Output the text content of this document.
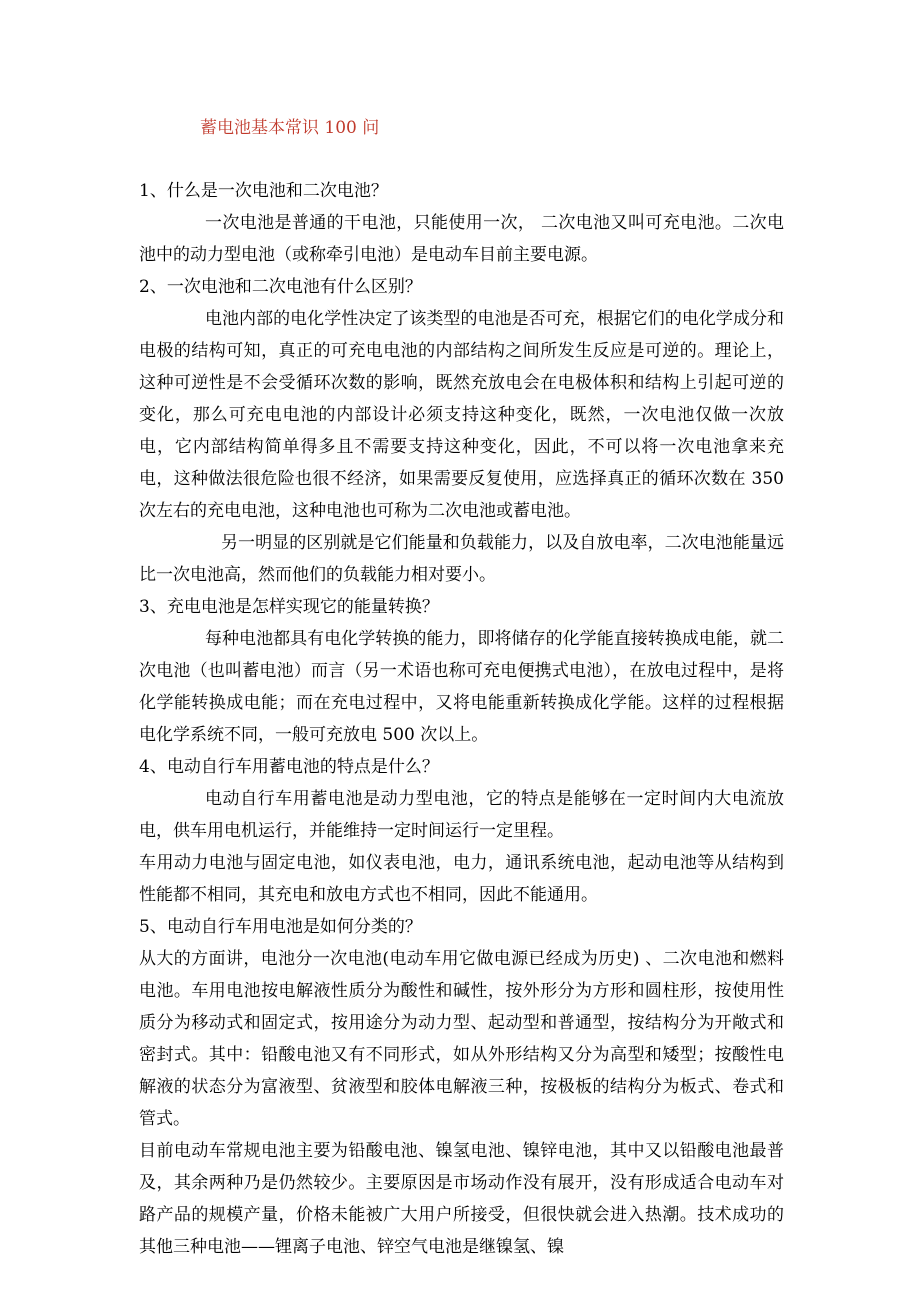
蓄电池基本常识 100 问

1、什么是一次电池和二次电池？

一次电池是普通的干电池，只能使用一次， 二次电池又叫可充电池。二次电池中的动力型电池（或称牵引电池）是电动车目前主要电源。

2、一次电池和二次电池有什么区别？

电池内部的电化学性决定了该类型的电池是否可充，根据它们的电化学成分和电极的结构可知，真正的可充电电池的内部结构之间所发生反应是可逆的。理论上，这种可逆性是不会受循环次数的影响，既然充放电会在电极体积和结构上引起可逆的变化，那么可充电电池的内部设计必须支持这种变化，既然，一次电池仅做一次放电，它内部结构简单得多且不需要支持这种变化，因此，不可以将一次电池拿来充电，这种做法很危险也很不经济，如果需要反复使用，应选择真正的循环次数在 350 次左右的充电电池，这种电池也可称为二次电池或蓄电池。

另一明显的区别就是它们能量和负载能力，以及自放电率，二次电池能量远比一次电池高，然而他们的负载能力相对要小。

3、充电电池是怎样实现它的能量转换？

每种电池都具有电化学转换的能力，即将储存的化学能直接转换成电能，就二次电池（也叫蓄电池）而言（另一术语也称可充电便携式电池），在放电过程中，是将化学能转换成电能；而在充电过程中，又将电能重新转换成化学能。这样的过程根据电化学系统不同，一般可充放电 500 次以上。

4、电动自行车用蓄电池的特点是什么？

电动自行车用蓄电池是动力型电池，它的特点是能够在一定时间内大电流放电，供车用电机运行，并能维持一定时间运行一定里程。

车用动力电池与固定电池，如仪表电池，电力，通讯系统电池，起动电池等从结构到性能都不相同，其充电和放电方式也不相同，因此不能通用。

5、电动自行车用电池是如何分类的？

从大的方面讲，电池分一次电池(电动车用它做电源已经成为历史) 、二次电池和燃料电池。车用电池按电解液性质分为酸性和碱性，按外形分为方形和圆柱形，按使用性质分为移动式和固定式，按用途分为动力型、起动型和普通型，按结构分为开敞式和密封式。其中：铅酸电池又有不同形式，如从外形结构又分为高型和矮型；按酸性电解液的状态分为富液型、贫液型和胶体电解液三种，按极板的结构分为板式、卷式和管式。

目前电动车常规电池主要为铅酸电池、镍氢电池、镍锌电池，其中又以铅酸电池最普及，其余两种乃是仍然较少。主要原因是市场动作没有展开，没有形成适合电动车对路产品的规模产量，价格未能被广大用户所接受，但很快就会进入热潮。技术成功的其他三种电池——锂离子电池、锌空气电池是继镍氢、镍
